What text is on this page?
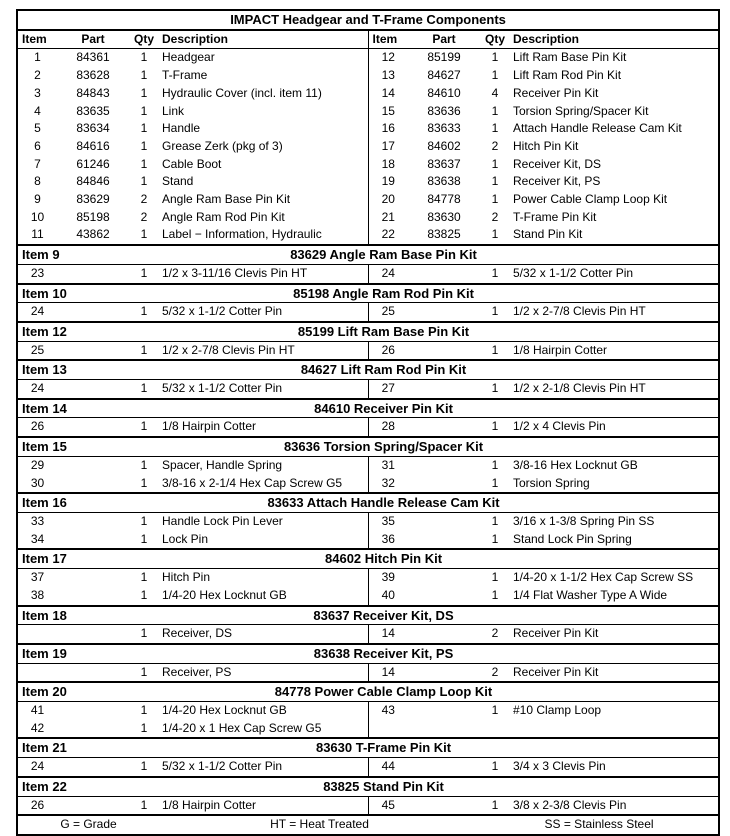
IMPACT Headgear and T-Frame Components							
Item	Part	Qty	Description	Item	Part	Qty	Description
1	84361	1	Headgear	12	85199	1	Lift Ram Base Pin Kit
2	83628	1	T-Frame	13	84627	1	Lift Ram Rod Pin Kit
3	84843	1	Hydraulic Cover (incl. item 11)	14	84610	4	Receiver Pin Kit
4	83635	1	Link	15	83636	1	Torsion Spring/Spacer Kit
5	83634	1	Handle	16	83633	1	Attach Handle Release Cam Kit
6	84616	1	Grease Zerk (pkg of 3)	17	84602	2	Hitch Pin Kit
7	61246	1	Cable Boot	18	83637	1	Receiver Kit, DS
8	84846	1	Stand	19	83638	1	Receiver Kit, PS
9	83629	2	Angle Ram Base Pin Kit	20	84778	1	Power Cable Clamp Loop Kit
10	85198	2	Angle Ram Rod Pin Kit	21	83630	2	T-Frame Pin Kit
11	43862	1	Label − Information, Hydraulic	22	83825	1	Stand Pin Kit
Item 9		83629 Angle Ram Base Pin Kit					
23		1	1/2 x 3-11/16 Clevis Pin HT	24		1	5/32 x 1-1/2 Cotter Pin
Item 10		85198 Angle Ram Rod Pin Kit					
24		1	5/32 x 1-1/2 Cotter Pin	25		1	1/2 x 2-7/8 Clevis Pin HT
Item 12		85199 Lift Ram Base Pin Kit					
25		1	1/2 x 2-7/8 Clevis Pin HT	26		1	1/8 Hairpin Cotter
Item 13		84627 Lift Ram Rod Pin Kit					
24		1	5/32 x 1-1/2 Cotter Pin	27		1	1/2 x 2-1/8 Clevis Pin HT
Item 14		84610 Receiver Pin Kit					
26		1	1/8 Hairpin Cotter	28		1	1/2 x 4 Clevis Pin
Item 15		83636 Torsion Spring/Spacer Kit					
29		1	Spacer, Handle Spring	31		1	3/8-16 Hex Locknut GB
30		1	3/8-16 x 2-1/4 Hex Cap Screw G5	32		1	Torsion Spring
Item 16		83633 Attach Handle Release Cam Kit					
33		1	Handle Lock Pin Lever	35		1	3/16 x 1-3/8 Spring Pin SS
34		1	Lock Pin	36		1	Stand Lock Pin Spring
Item 17		84602 Hitch Pin Kit					
37		1	Hitch Pin	39		1	1/4-20 x 1-1/2 Hex Cap Screw SS
38		1	1/4-20 Hex Locknut GB	40		1	1/4 Flat Washer Type A Wide
Item 18		83637 Receiver Kit, DS					
		1	Receiver, DS	14		2	Receiver Pin Kit
Item 19		83638 Receiver Kit, PS					
		1	Receiver, PS	14		2	Receiver Pin Kit
Item 20		84778 Power Cable Clamp Loop Kit					
41		1	1/4-20 Hex Locknut GB	43		1	#10 Clamp Loop
42		1	1/4-20 x 1 Hex Cap Screw G5				
Item 21		83630 T-Frame Pin Kit					
24		1	5/32 x 1-1/2 Cotter Pin	44		1	3/4 x 3 Clevis Pin
Item 22		83825 Stand Pin Kit					
26		1	1/8 Hairpin Cotter	45		1	3/8 x 2-3/8 Clevis Pin
G = Grade			HT = Heat Treated			SS = Stainless Steel	
